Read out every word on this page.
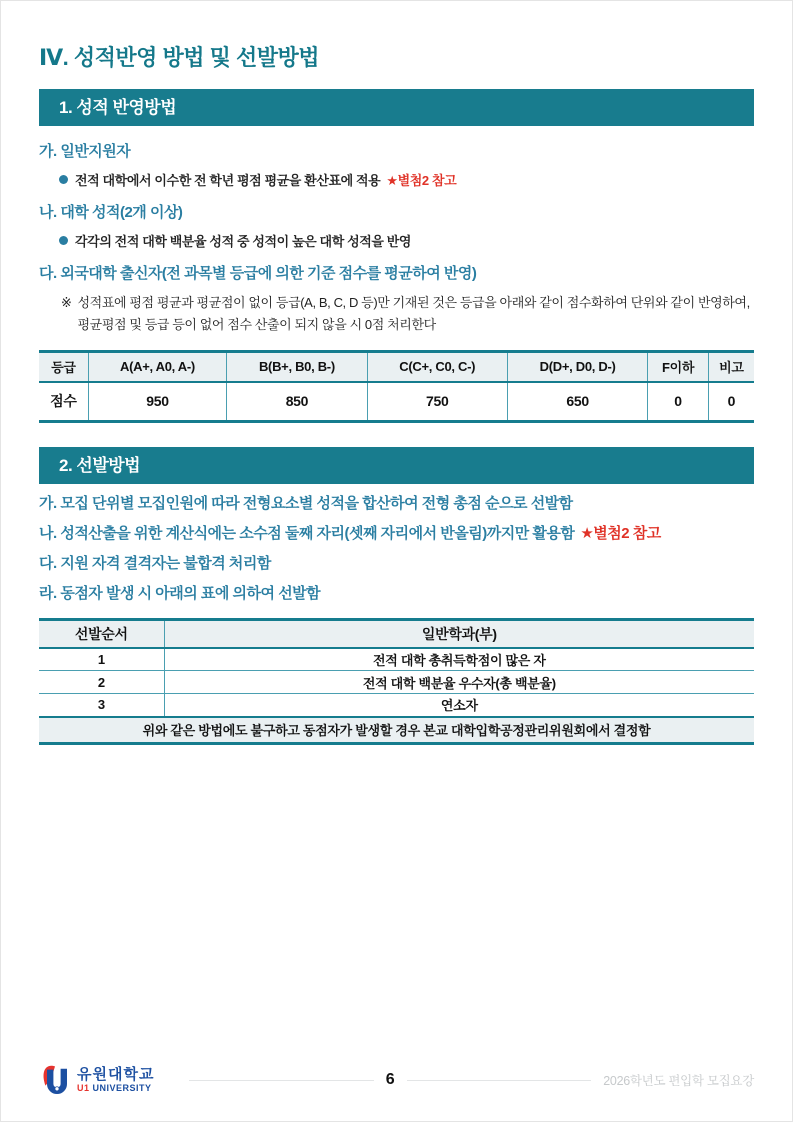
Ⅳ. 성적반영 방법 및 선발방법
1. 성적 반영방법
가. 일반지원자
전적 대학에서 이수한 전 학년 평점 평균을 환산표에 적용 ★별첨2 참고
나. 대학 성적(2개 이상)
각각의 전적 대학 백분율 성적 중 성적이 높은 대학 성적을 반영
다. 외국대학 출신자(전 과목별 등급에 의한 기준 점수를 평균하여 반영)
※ 성적표에 평점 평균과 평균점이 없이 등급(A, B, C, D 등)만 기재된 것은 등급을 아래와 같이 점수화하여 단위와 같이 반영하여,
평균평점 및 등급 등이 없어 점수 산출이 되지 않을 시 0점 처리한다
등급	A(A+, A0, A-)	B(B+, B0, B-)	C(C+, C0, C-)	D(D+, D0, D-)	F이하	비고
점수	950	850	750	650	0	0
2. 선발방법
가. 모집 단위별 모집인원에 따라 전형요소별 성적을 합산하여 전형 총점 순으로 선발함
나. 성적산출을 위한 계산식에는 소수점 둘째 자리(셋째 자리에서 반올림)까지만 활용함 ★별첨2 참고
다. 지원 자격 결격자는 불합격 처리함
라. 동점자 발생 시 아래의 표에 의하여 선발함
선발순서	일반학과(부)
1	전적 대학 총취득학점이 많은 자
2	전적 대학 백분율 우수자(총 백분율)
3	연소자
위와 같은 방법에도 불구하고 동점자가 발생할 경우 본교 대학입학공정관리위원회에서 결정함	
유원대학교
U1 UNIVERSITY	6	2026학년도 편입학 모집요강
